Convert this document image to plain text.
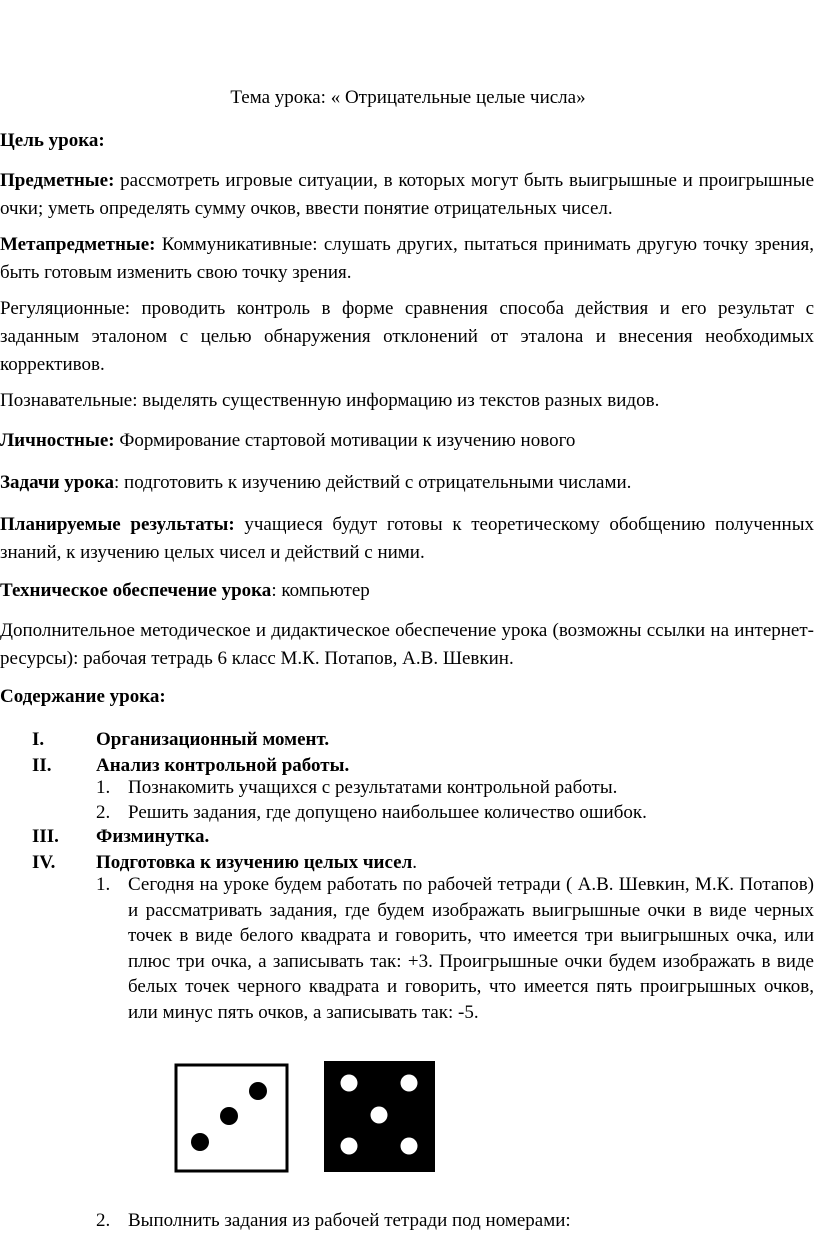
Тема урока: « Отрицательные целые числа»
Цель урока:
Предметные: рассмотреть игровые ситуации, в которых могут быть выигрышные и проигрышные очки; уметь определять сумму очков, ввести понятие отрицательных чисел.
Метапредметные: Коммуникативные: слушать других, пытаться принимать другую точку зрения, быть готовым изменить свою точку зрения.
Регуляционные: проводить контроль в форме сравнения способа действия и его результат с заданным эталоном с целью обнаружения отклонений от эталона и внесения необходимых коррективов.
Познавательные: выделять существенную информацию из текстов разных видов.
Личностные: Формирование стартовой мотивации к изучению нового
Задачи урока: подготовить к изучению действий с отрицательными числами.
Планируемые результаты: учащиеся будут готовы к теоретическому обобщению полученных знаний, к изучению целых чисел и действий с ними.
Техническое обеспечение урока: компьютер
Дополнительное методическое и дидактическое обеспечение урока (возможны ссылки на интернет-ресурсы): рабочая тетрадь 6 класс М.К. Потапов, А.В. Шевкин.
Содержание урока:
I.	Организационный момент.
II. Анализ контрольной работы.
1. Познакомить учащихся с результатами контрольной работы.
2. Решить задания, где допущено наибольшее количество ошибок.
III. Физминутка.
IV. Подготовка к изучению целых чисел.
1. Сегодня на уроке будем работать по рабочей тетради ( А.В. Шевкин, М.К. Потапов) и рассматривать задания, где будем изображать выигрышные очки в виде черных точек в виде белого квадрата и говорить, что имеется три выигрышных очка, или плюс три очка, а записывать так: +3. Проигрышные очки будем изображать в виде белых точек черного квадрата и говорить, что имеется пять проигрышных очков, или минус пять очков, а записывать так: -5.
2. Выполнить задания из рабочей тетради под номерами:
